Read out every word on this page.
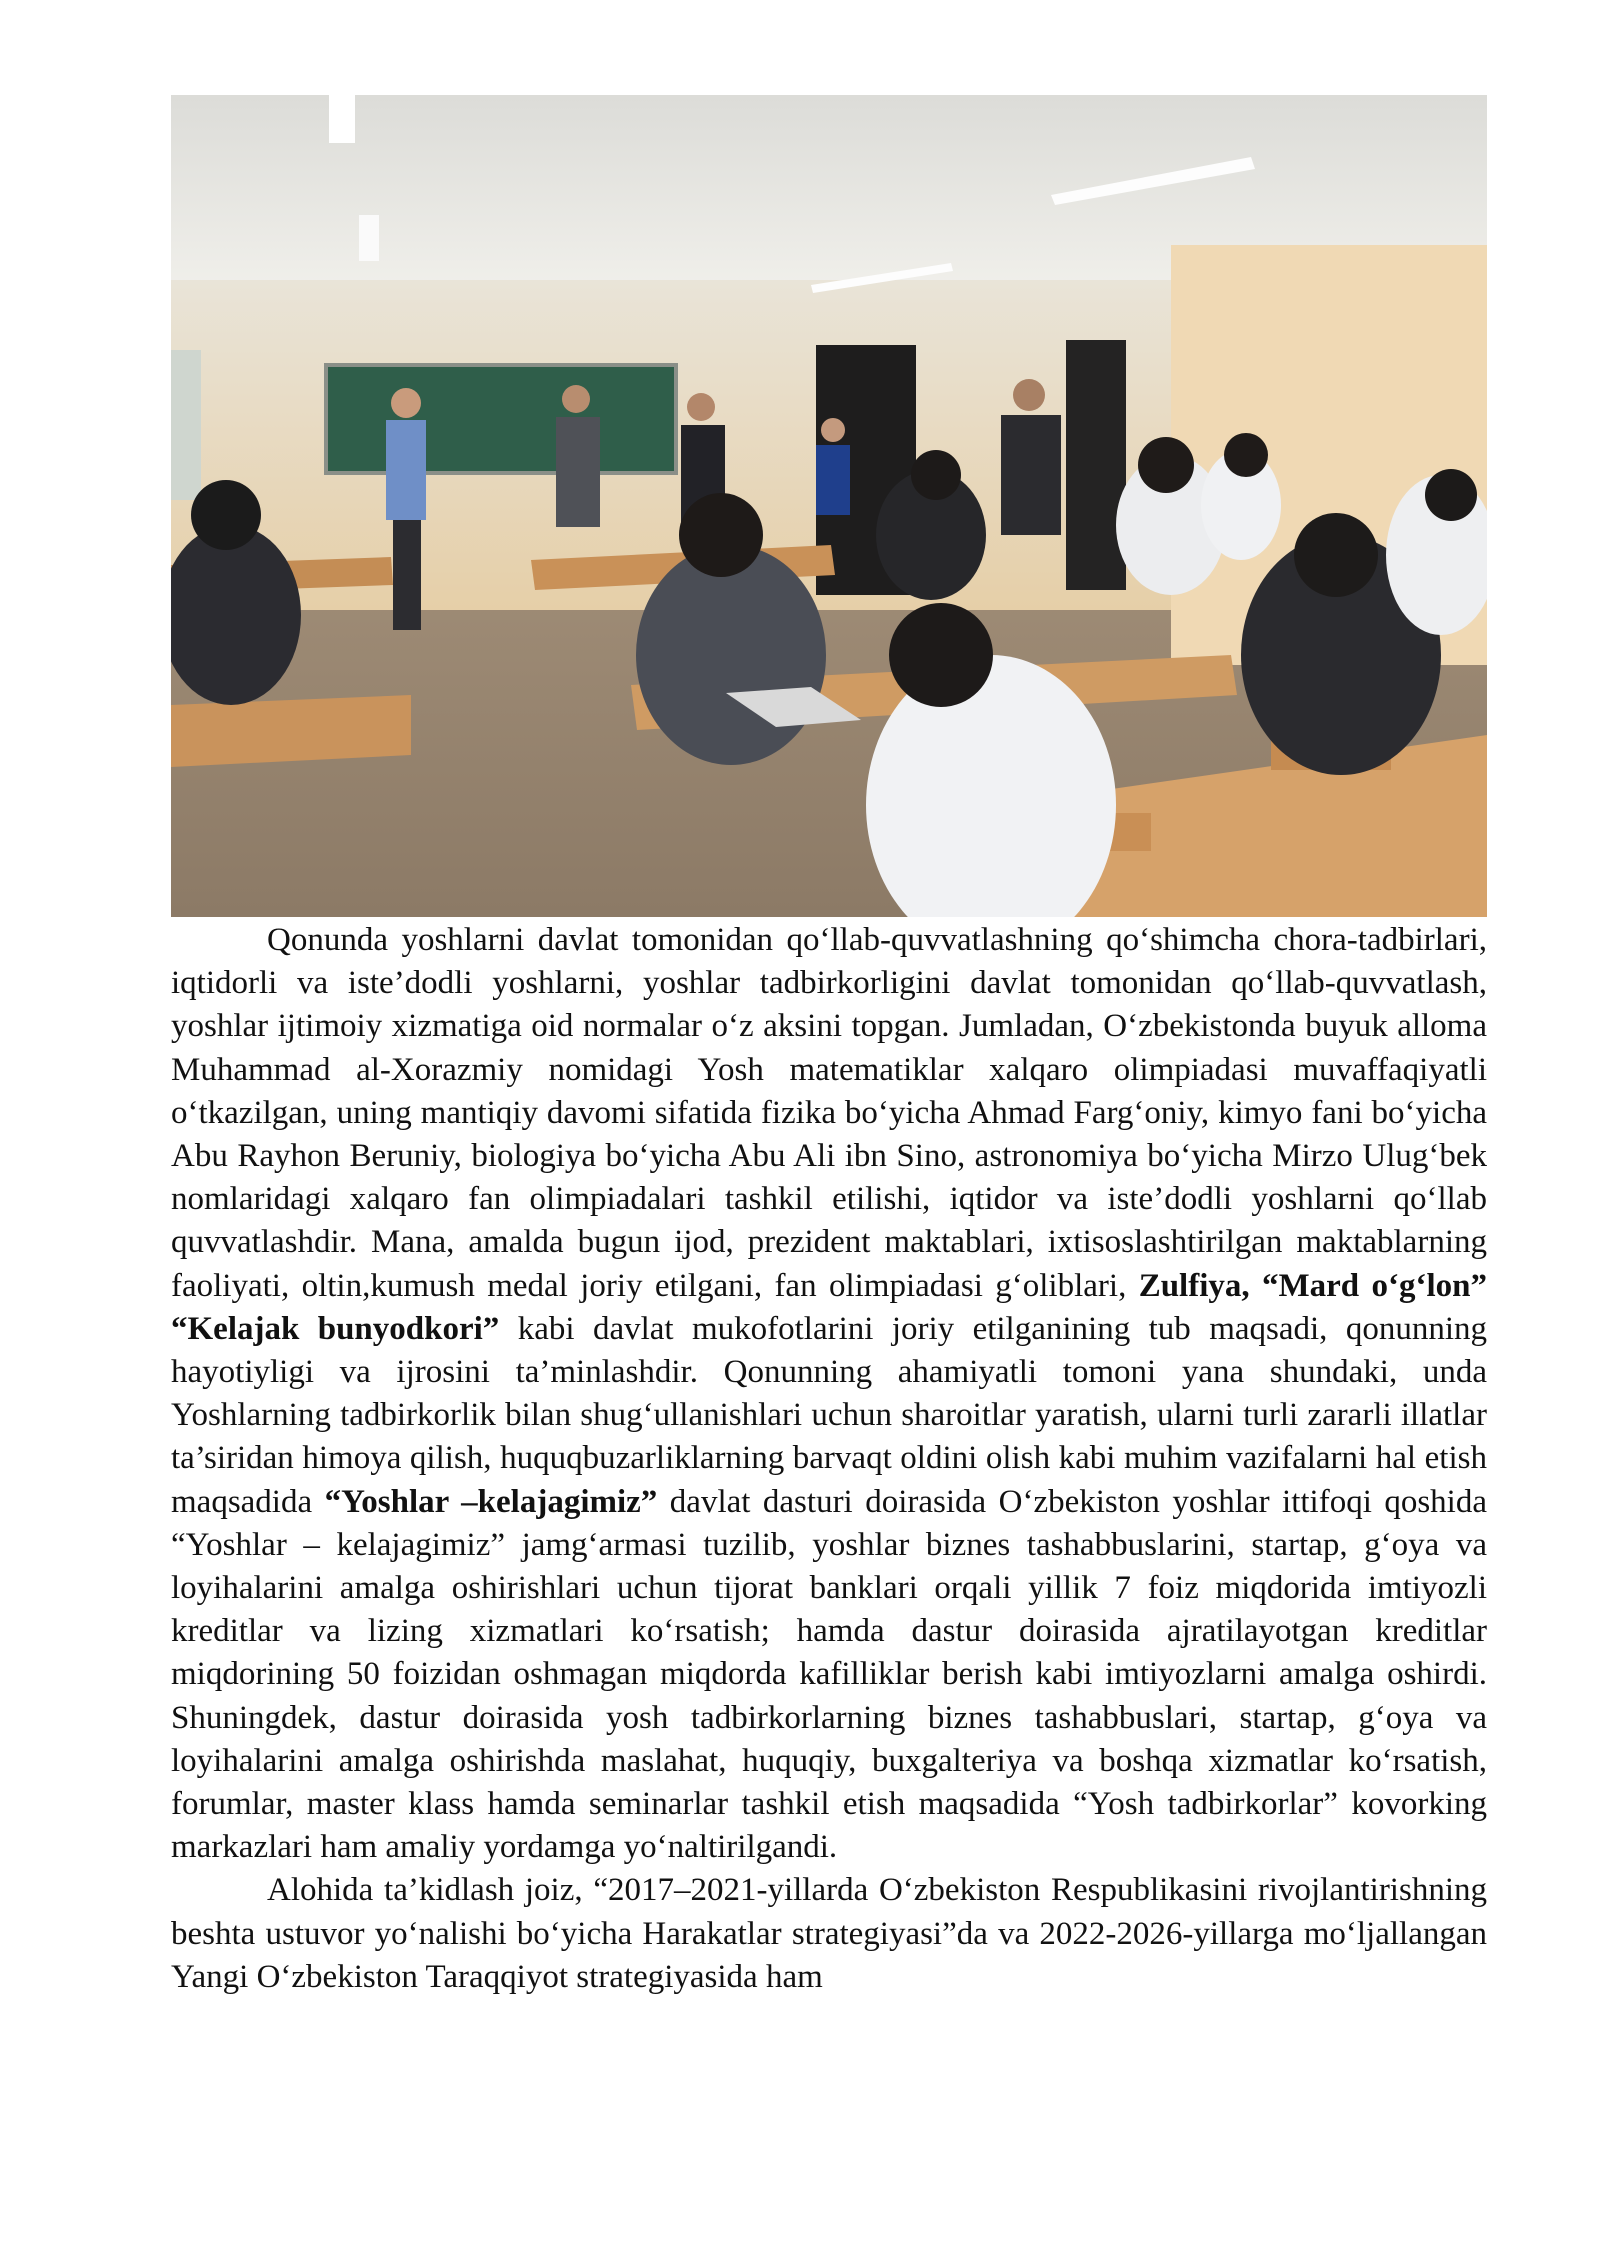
Qonunda yoshlarni davlat tomonidan qo‘llab-quvvatlashning qo‘shimcha chora-tadbirlari, iqtidorli va iste’dodli yoshlarni, yoshlar tadbirkorligini davlat tomonidan qo‘llab-quvvatlash, yoshlar ijtimoiy xizmatiga oid normalar o‘z aksini topgan. Jumladan, O‘zbekistonda buyuk alloma Muhammad al-Xorazmiy nomidagi Yosh matematiklar xalqaro olimpiadasi muvaffaqiyatli o‘tkazilgan, uning mantiqiy davomi sifatida fizika bo‘yicha Ahmad Farg‘oniy, kimyo fani bo‘yicha Abu Rayhon Beruniy, biologiya bo‘yicha Abu Ali ibn Sino, astronomiya bo‘yicha Mirzo Ulug‘bek nomlaridagi xalqaro fan olimpiadalari tashkil etilishi, iqtidor va iste’dodli yoshlarni qo‘llab quvvatlashdir. Mana, amalda bugun ijod, prezident maktablari, ixtisoslashtirilgan maktablarning faoliyati, oltin,kumush medal joriy etilgani, fan olimpiadasi g‘oliblari, Zulfiya, “Mard o‘g‘lon” “Kelajak bunyodkori” kabi davlat mukofotlarini joriy etilganining tub maqsadi, qonunning hayotiyligi va ijrosini ta’minlashdir. Qonunning ahamiyatli tomoni yana shundaki, unda Yoshlarning tadbirkorlik bilan shug‘ullanishlari uchun sharoitlar yaratish, ularni turli zararli illatlar ta’siridan himoya qilish, huquqbuzarliklarning barvaqt oldini olish kabi muhim vazifalarni hal etish maqsadida “Yoshlar –kelajagimiz” davlat dasturi doirasida O‘zbekiston yoshlar ittifoqi qoshida “Yoshlar – kelajagimiz” jamg‘armasi tuzilib, yoshlar biznes tashabbuslarini, startap, g‘oya va loyihalarini amalga oshirishlari uchun tijorat banklari orqali yillik 7 foiz miqdorida imtiyozli kreditlar va lizing xizmatlari ko‘rsatish; hamda dastur doirasida ajratilayotgan kreditlar miqdorining 50 foizidan oshmagan miqdorda kafilliklar berish kabi imtiyozlarni amalga oshirdi. Shuningdek, dastur doirasida yosh tadbirkorlarning biznes tashabbuslari, startap, g‘oya va loyihalarini amalga oshirishda maslahat, huquqiy, buxgalteriya va boshqa xizmatlar ko‘rsatish, forumlar, master klass hamda seminarlar tashkil etish maqsadida “Yosh tadbirkorlar” kovorking markazlari ham amaliy yordamga yo‘naltirilgandi.

Alohida ta’kidlash joiz, “2017–2021-yillarda O‘zbekiston Respublikasini rivojlantirishning beshta ustuvor yo‘nalishi bo‘yicha Harakatlar strategiyasi”da va 2022-2026-yillarga mo‘ljallangan Yangi O‘zbekiston Taraqqiyot strategiyasida ham
